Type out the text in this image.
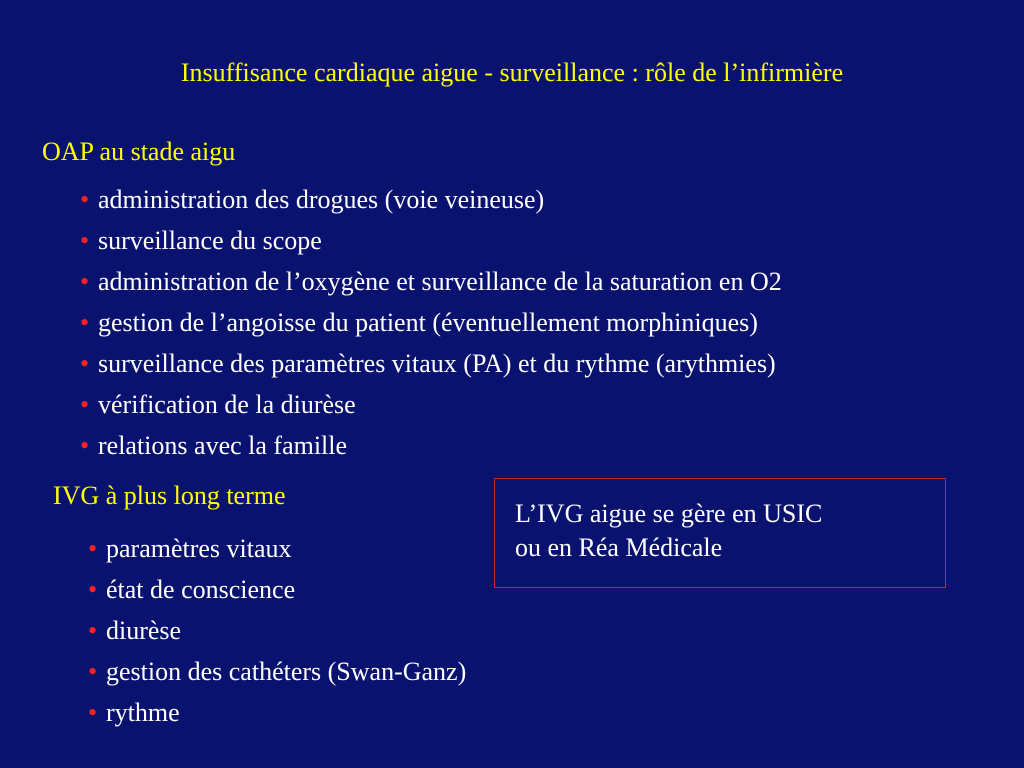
Insuffisance cardiaque aigue - surveillance : rôle de l’infirmière
OAP au stade aigu
• administration des drogues (voie veineuse)
• surveillance du scope
• administration de l’oxygène et surveillance de la saturation en O2
• gestion de l’angoisse du patient (éventuellement morphiniques)
• surveillance des paramètres vitaux (PA) et du rythme (arythmies)
• vérification de la diurèse
• relations avec la famille
IVG à plus long terme
• paramètres vitaux
• état de conscience
• diurèse
• gestion des cathéters (Swan-Ganz)
• rythme
L’IVG aigue se gère en USIC
ou en Réa Médicale
